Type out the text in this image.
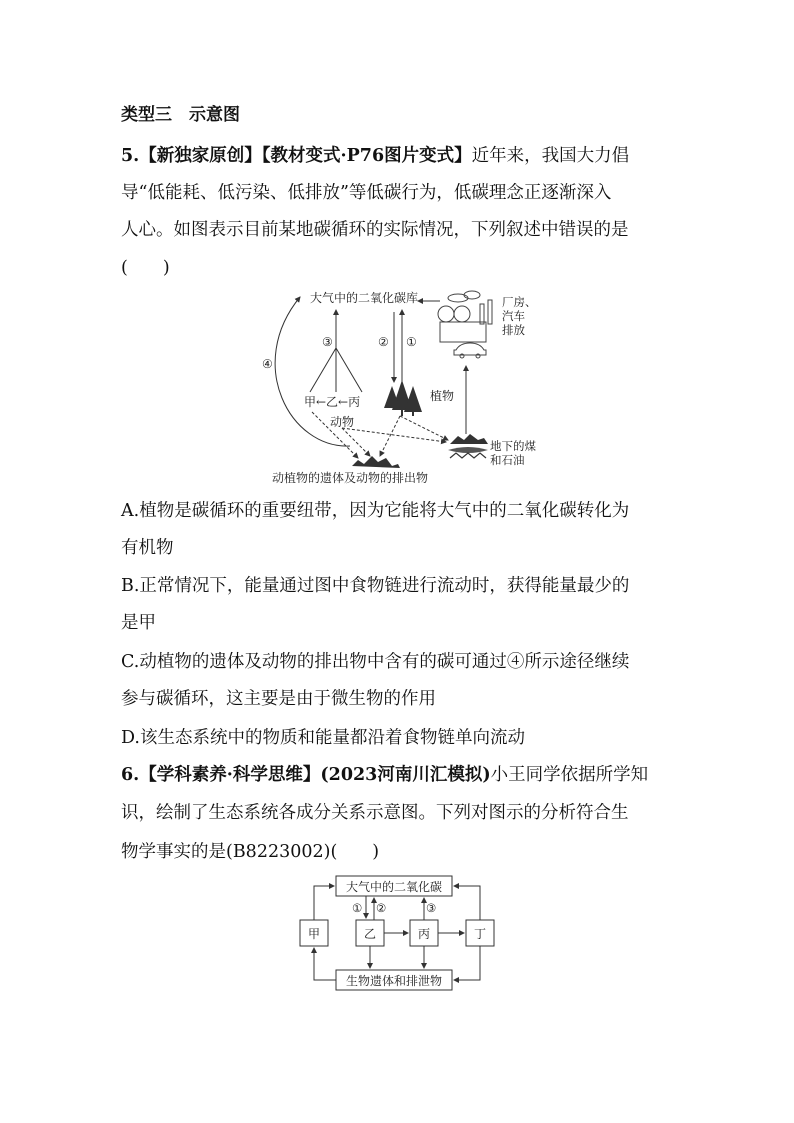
类型三　示意图
5.【新独家原创】【教材变式·P76图片变式】近年来，我国大力倡
导“低能耗、低污染、低排放”等低碳行为，低碳理念正逐渐深入
人心。如图表示目前某地碳循环的实际情况，下列叙述中错误的是
(　　)
大气中的二氧化碳库	厂房、
汽车
排放
④
③	② ①
甲←乙←丙
动物
植物
地下的煤
和石油
动植物的遗体及动物的排出物
A.植物是碳循环的重要纽带，因为它能将大气中的二氧化碳转化为
有机物
B.正常情况下，能量通过图中食物链进行流动时，获得能量最少的
是甲
C.动植物的遗体及动物的排出物中含有的碳可通过④所示途径继续
参与碳循环，这主要是由于微生物的作用
D.该生态系统中的物质和能量都沿着食物链单向流动
6.【学科素养·科学思维】(2023河南川汇模拟)小王同学依据所学知
识，绘制了生态系统各成分关系示意图。下列对图示的分析符合生
物学事实的是(B8223002)(　　)
大气中的二氧化碳
生物遗体和排泄物
甲	乙	丙	丁
① ②	③
